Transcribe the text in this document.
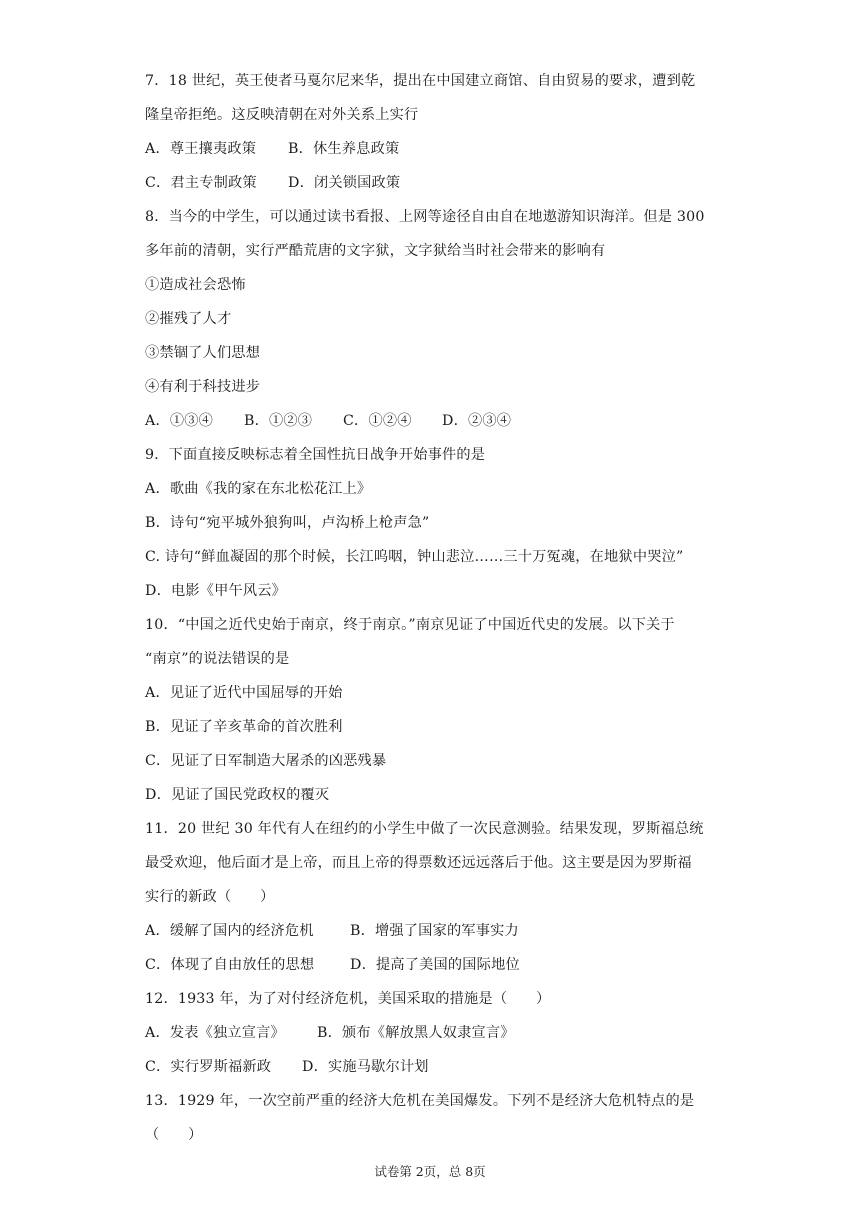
7．18 世纪，英王使者马戛尔尼来华，提出在中国建立商馆、自由贸易的要求，遭到乾
隆皇帝拒绝。这反映清朝在对外关系上实行
A．尊王攘夷政策	B．休生养息政策
C．君主专制政策	D．闭关锁国政策
8．当今的中学生，可以通过读书看报、上网等途径自由自在地遨游知识海洋。但是 300
多年前的清朝，实行严酷荒唐的文字狱，文字狱给当时社会带来的影响有
①造成社会恐怖
②摧残了人才
③禁锢了人们思想
④有利于科技进步
A．①③④	B．①②③	C．①②④	D．②③④
9．下面直接反映标志着全国性抗日战争开始事件的是
A．歌曲《我的家在东北松花江上》
B．诗句“宛平城外狼狗叫，卢沟桥上枪声急”
C. 诗句“鲜血凝固的那个时候，长江呜咽，钟山悲泣……三十万冤魂，在地狱中哭泣”
D．电影《甲午风云》
10．“中国之近代史始于南京，终于南京。”南京见证了中国近代史的发展。以下关于
“南京”的说法错误的是
A．见证了近代中国屈辱的开始
B．见证了辛亥革命的首次胜利
C．见证了日军制造大屠杀的凶恶残暴
D．见证了国民党政权的覆灭
11．20 世纪 30 年代有人在纽约的小学生中做了一次民意测验。结果发现，罗斯福总统
最受欢迎，他后面才是上帝，而且上帝的得票数还远远落后于他。这主要是因为罗斯福
实行的新政（　　）
A．缓解了国内的经济危机	B．增强了国家的军事实力
C．体现了自由放任的思想	D．提高了美国的国际地位
12．1933 年，为了对付经济危机，美国采取的措施是（　　）
A．发表《独立宣言》	B．颁布《解放黑人奴隶宣言》
C．实行罗斯福新政	D．实施马歇尔计划
13．1929 年，一次空前严重的经济大危机在美国爆发。下列不是经济大危机特点的是
（　　）
试卷第 2页，总 8页
